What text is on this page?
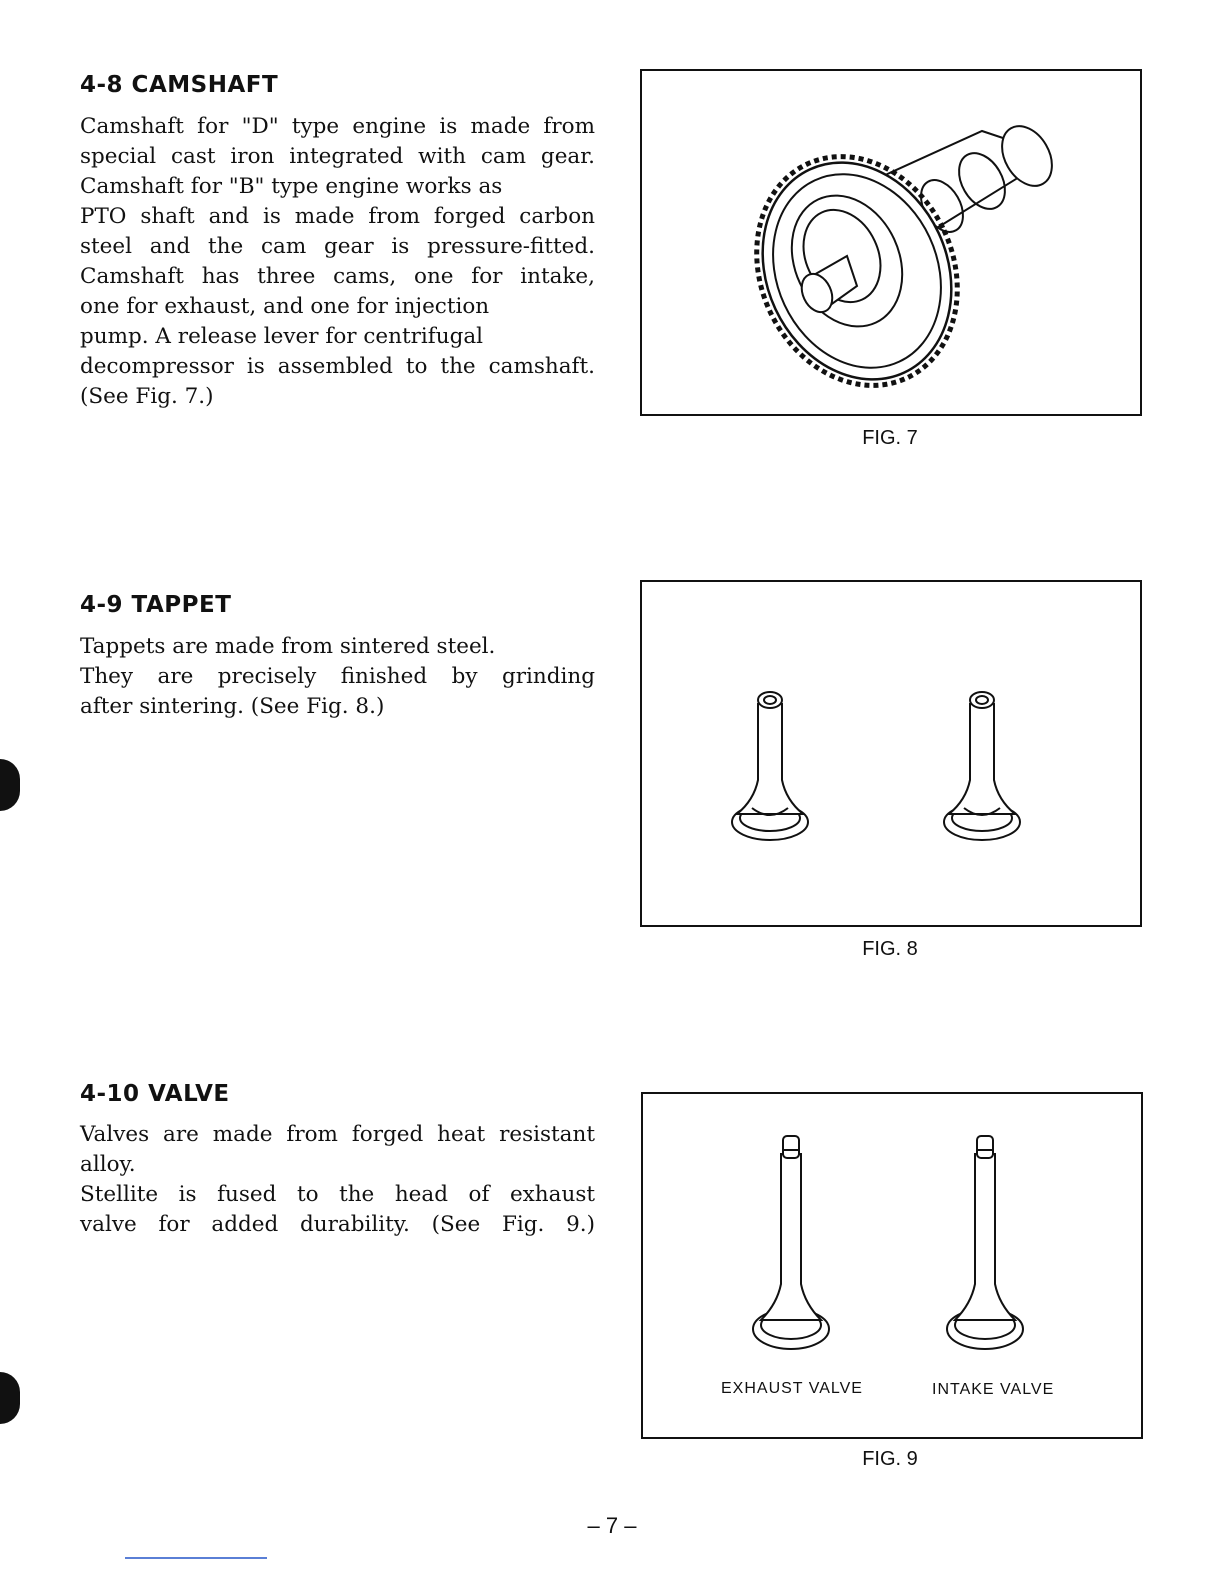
4-8 CAMSHAFT
Camshaft for "D" type engine is made from
special cast iron integrated with cam gear.
Camshaft for "B" type engine works as
PTO shaft and is made from forged carbon
steel and the cam gear is pressure-fitted.
Camshaft has three cams, one for intake,
one for exhaust, and one for injection
pump. A release lever for centrifugal
decompressor is assembled to the camshaft.
(See Fig. 7.)

FIG. 7

4-9 TAPPET
Tappets are made from sintered steel.
They are precisely finished by grinding
after sintering. (See Fig. 8.)

FIG. 8

4-10 VALVE
Valves are made from forged heat resistant
alloy.
Stellite is fused to the head of exhaust
valve for added durability. (See Fig. 9.)
EXHAUST VALVE	INTAKE VALVE

FIG. 9

– 7 –
